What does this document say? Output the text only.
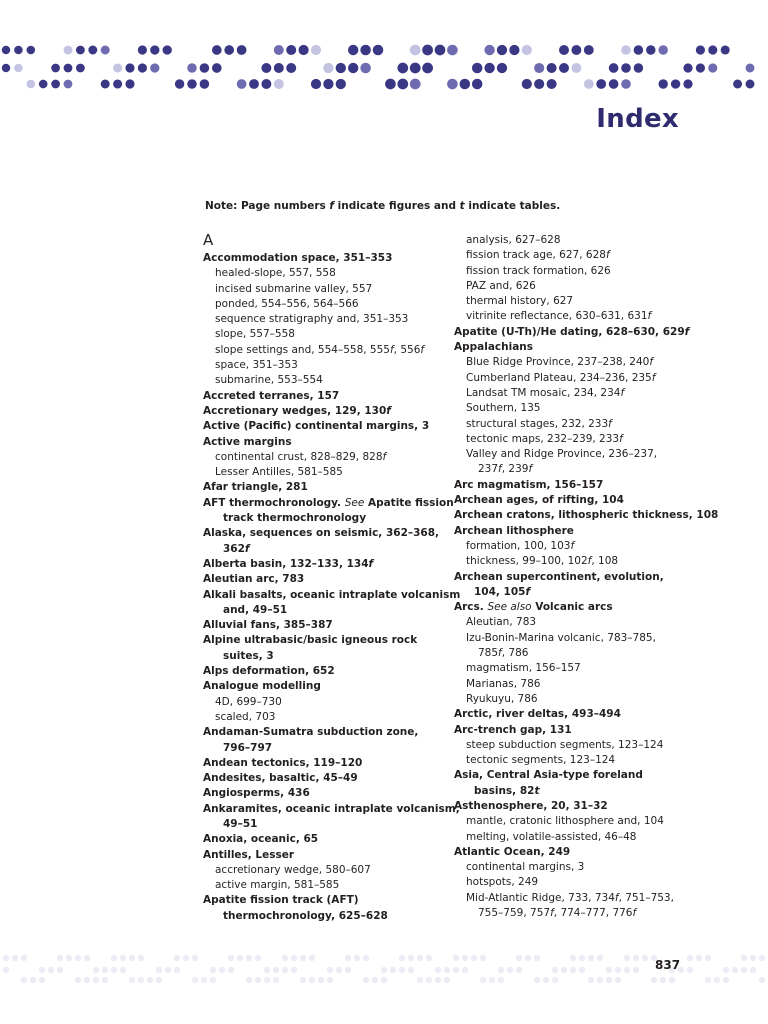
Index
Note: Page numbers f indicate figures and t indicate tables.
A
Accommodation space, 351–353
healed-slope, 557, 558
incised submarine valley, 557
ponded, 554–556, 564–566
sequence stratigraphy and, 351–353
slope, 557–558
slope settings and, 554–558, 555f, 556f
space, 351–353
submarine, 553–554
Accreted terranes, 157
Accretionary wedges, 129, 130f
Active (Pacific) continental margins, 3
Active margins
continental crust, 828–829, 828f
Lesser Antilles, 581–585
Afar triangle, 281
AFT thermochronology. See Apatite fission
track thermochronology
Alaska, sequences on seismic, 362–368,
362f
Alberta basin, 132–133, 134f
Aleutian arc, 783
Alkali basalts, oceanic intraplate volcanism
and, 49–51
Alluvial fans, 385–387
Alpine ultrabasic/basic igneous rock
suites, 3
Alps deformation, 652
Analogue modelling
4D, 699–730
scaled, 703
Andaman-Sumatra subduction zone,
796–797
Andean tectonics, 119–120
Andesites, basaltic, 45–49
Angiosperms, 436
Ankaramites, oceanic intraplate volcanism,
49–51
Anoxia, oceanic, 65
Antilles, Lesser
accretionary wedge, 580–607
active margin, 581–585
Apatite fission track (AFT)
thermochronology, 625–628
analysis, 627–628
fission track age, 627, 628f
fission track formation, 626
PAZ and, 626
thermal history, 627
vitrinite reflectance, 630–631, 631f
Apatite (U-Th)/He dating, 628–630, 629f
Appalachians
Blue Ridge Province, 237–238, 240f
Cumberland Plateau, 234–236, 235f
Landsat TM mosaic, 234, 234f
Southern, 135
structural stages, 232, 233f
tectonic maps, 232–239, 233f
Valley and Ridge Province, 236–237,
237f, 239f
Arc magmatism, 156–157
Archean ages, of rifting, 104
Archean cratons, lithospheric thickness, 108
Archean lithosphere
formation, 100, 103f
thickness, 99–100, 102f, 108
Archean supercontinent, evolution,
104, 105f
Arcs. See also Volcanic arcs
Aleutian, 783
Izu-Bonin-Marina volcanic, 783–785,
785f, 786
magmatism, 156–157
Marianas, 786
Ryukuyu, 786
Arctic, river deltas, 493–494
Arc-trench gap, 131
steep subduction segments, 123–124
tectonic segments, 123–124
Asia, Central Asia-type foreland
basins, 82t
Asthenosphere, 20, 31–32
mantle, cratonic lithosphere and, 104
melting, volatile-assisted, 46–48
Atlantic Ocean, 249
continental margins, 3
hotspots, 249
Mid-Atlantic Ridge, 733, 734f, 751–753,
755–759, 757f, 774–777, 776f
837
